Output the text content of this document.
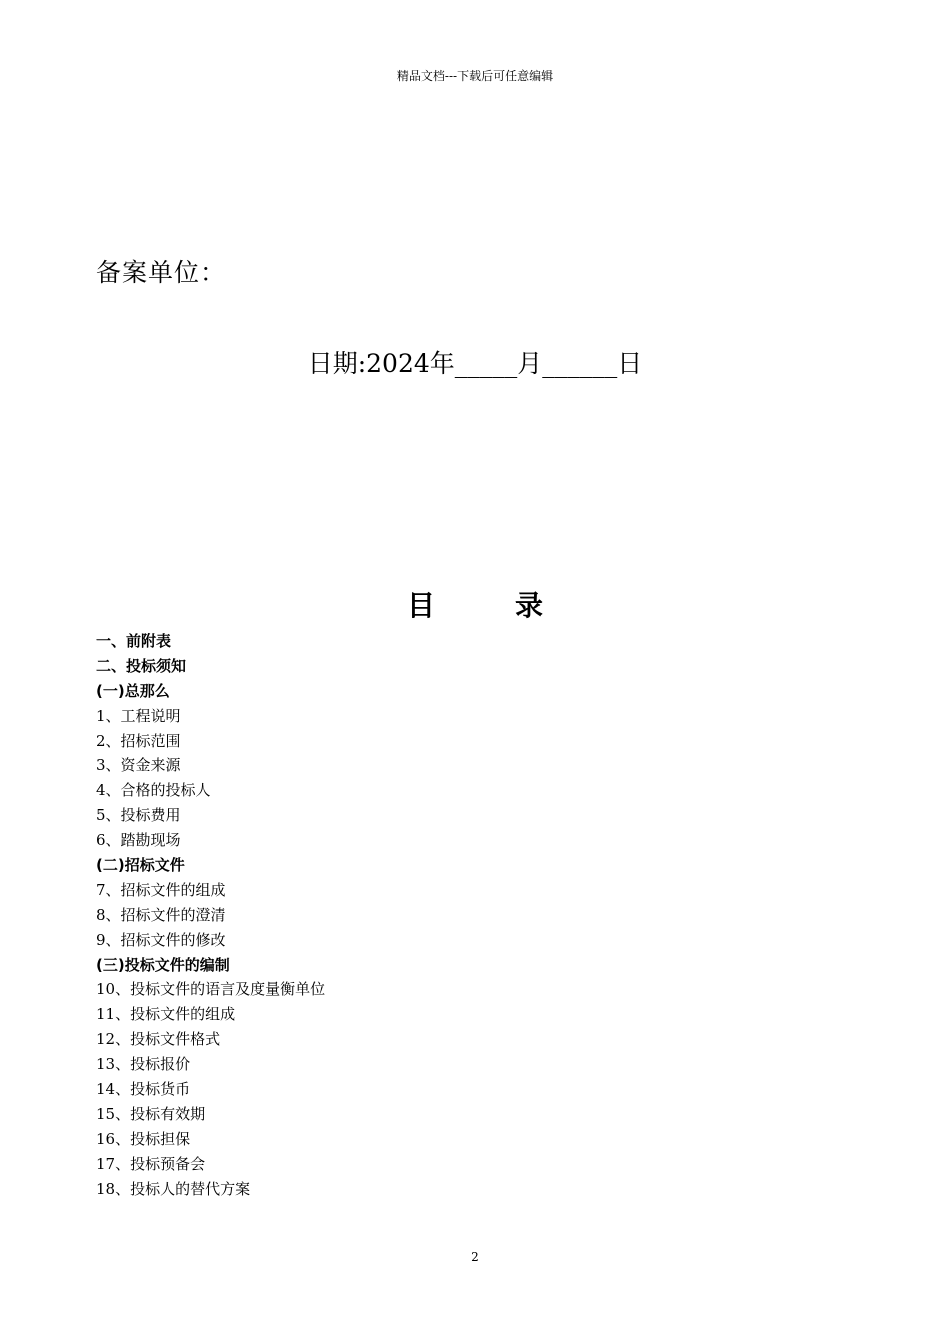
精品文档---下载后可任意编辑
备案单位：
日期:2024年_____月______日
目	录
一、前附表
二、投标须知
(一)总那么
1、工程说明
2、招标范围
3、资金来源
4、合格的投标人
5、投标费用
6、踏勘现场
(二)招标文件
7、招标文件的组成
8、招标文件的澄清
9、招标文件的修改
(三)投标文件的编制
10、投标文件的语言及度量衡单位
11、投标文件的组成
12、投标文件格式
13、投标报价
14、投标货币
15、投标有效期
16、投标担保
17、投标预备会
18、投标人的替代方案
2
